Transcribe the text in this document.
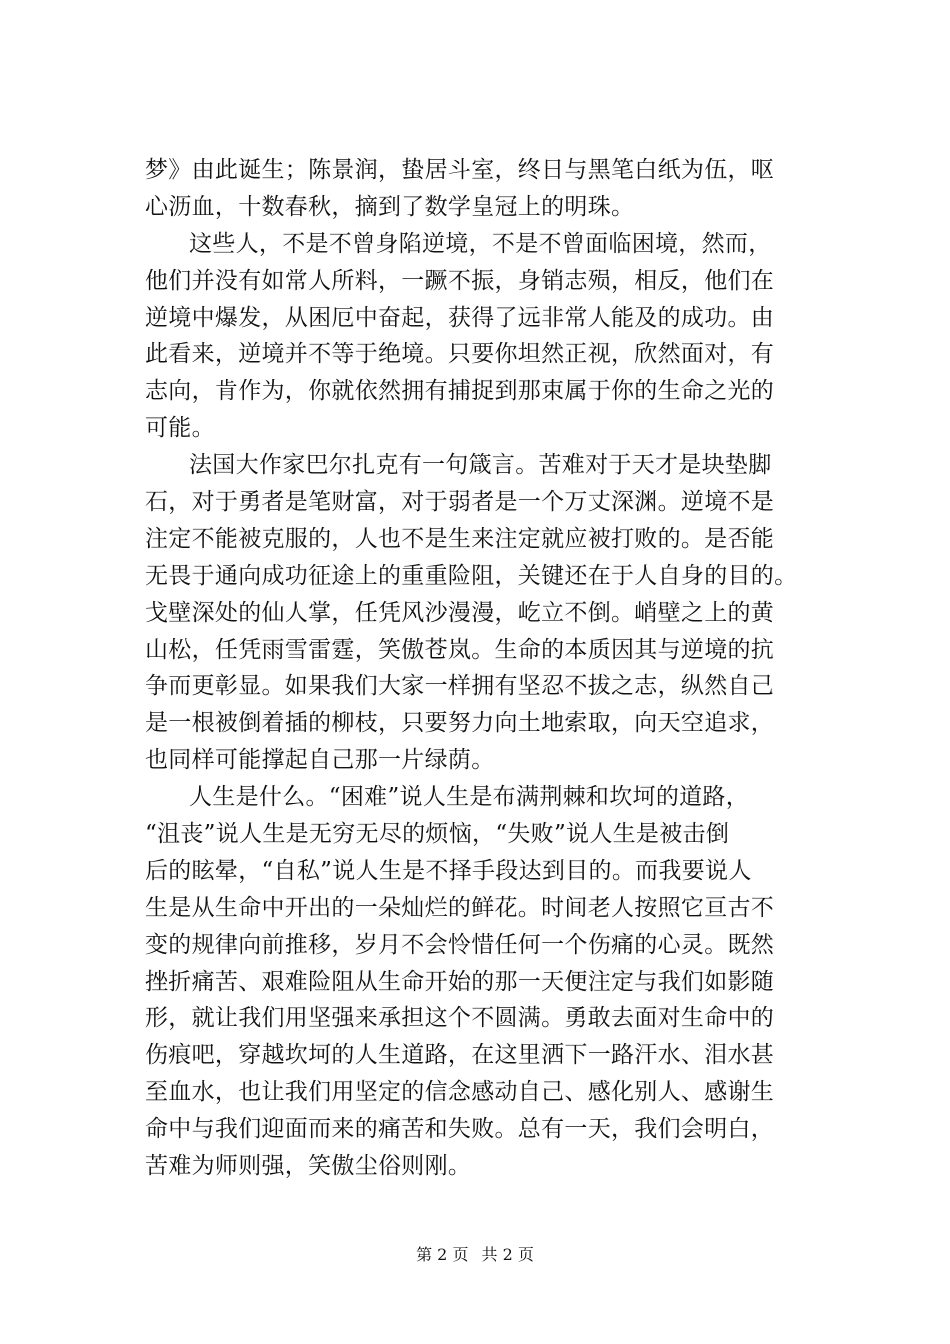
梦》由此诞生；陈景润，蛰居斗室，终日与黑笔白纸为伍，呕
心沥血，十数春秋，摘到了数学皇冠上的明珠。
这些人，不是不曾身陷逆境，不是不曾面临困境，然而，
他们并没有如常人所料，一蹶不振，身销志殒，相反，他们在
逆境中爆发，从困厄中奋起，获得了远非常人能及的成功。由
此看来，逆境并不等于绝境。只要你坦然正视，欣然面对，有
志向，肯作为，你就依然拥有捕捉到那束属于你的生命之光的
可能。
法国大作家巴尔扎克有一句箴言。苦难对于天才是块垫脚
石，对于勇者是笔财富，对于弱者是一个万丈深渊。逆境不是
注定不能被克服的，人也不是生来注定就应被打败的。是否能
无畏于通向成功征途上的重重险阻，关键还在于人自身的目的。
戈壁深处的仙人掌，任凭风沙漫漫，屹立不倒。峭壁之上的黄
山松，任凭雨雪雷霆，笑傲苍岚。生命的本质因其与逆境的抗
争而更彰显。如果我们大家一样拥有坚忍不拔之志，纵然自己
是一根被倒着插的柳枝，只要努力向土地索取，向天空追求，
也同样可能撑起自己那一片绿荫。
人生是什么。“困难”说人生是布满荆棘和坎坷的道路，
“沮丧”说人生是无穷无尽的烦恼，“失败”说人生是被击倒
后的眩晕，“自私”说人生是不择手段达到目的。而我要说人
生是从生命中开出的一朵灿烂的鲜花。时间老人按照它亘古不
变的规律向前推移，岁月不会怜惜任何一个伤痛的心灵。既然
挫折痛苦、艰难险阻从生命开始的那一天便注定与我们如影随
形，就让我们用坚强来承担这个不圆满。勇敢去面对生命中的
伤痕吧，穿越坎坷的人生道路，在这里洒下一路汗水、泪水甚
至血水，也让我们用坚定的信念感动自己、感化别人、感谢生
命中与我们迎面而来的痛苦和失败。总有一天，我们会明白，
苦难为师则强，笑傲尘俗则刚。
第 2 页 共 2 页
